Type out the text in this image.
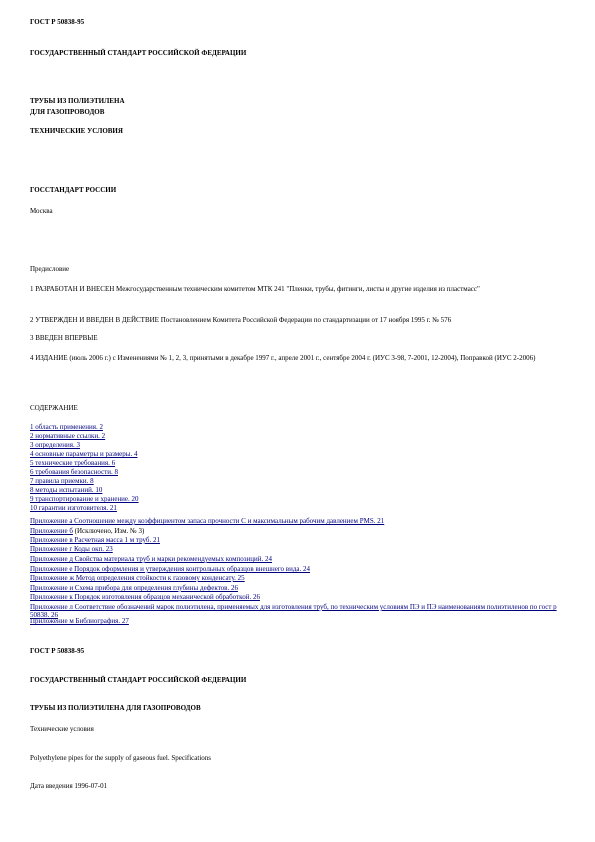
ГОСТ Р 50838-95
ГОСУДАРСТВЕННЫЙ СТАНДАРТ РОССИЙСКОЙ ФЕДЕРАЦИИ
ТРУБЫ ИЗ ПОЛИЭТИЛЕНА
ДЛЯ ГАЗОПРОВОДОВ
ТЕХНИЧЕСКИЕ УСЛОВИЯ
ГОССТАНДАРТ РОССИИ
Москва
Предисловие
1 РАЗРАБОТАН И ВНЕСЕН Межгосударственным техническим комитетом МТК 241 "Пленки, трубы, фитинги, листы и другие изделия из пластмасс"
2 УТВЕРЖДЕН И ВВЕДЕН В ДЕЙСТВИЕ Постановлением Комитета Российской Федерации по стандартизации от 17 ноября 1995 г. № 576
3 ВВЕДЕН ВПЕРВЫЕ
4 ИЗДАНИЕ (июль 2006 г.) с Изменениями № 1, 2, 3, принятыми в декабре 1997 г., апреле 2001 г., сентябре 2004 г. (ИУС 3-98, 7-2001, 12-2004), Поправкой (ИУС 2-2006)
СОДЕРЖАНИЕ
1 область применения. 2
2 нормативные ссылки. 2
3 определения. 3
4 основные параметры и размеры. 4
5 технические требования. 6
6 требования безопасности. 8
7 правила приемки. 8
8 методы испытаний. 10
9 транспортирование и хранение. 20
10 гарантии изготовителя. 21
Приложение а Соотношение между коэффициентом запаса прочности С и максимальным рабочим давлением РМS. 21
Приложение б (Исключено, Изм. № 3)
Приложение в Расчетная масса 1 м труб. 21
Приложение г Коды окп. 23
Приложение д Свойства материала труб и марки рекомендуемых композиций. 24
Приложение е Порядок оформления и утверждения контрольных образцов внешнего вида. 24
Приложение ж Метод определения стойкости к газовому конденсату. 25
Приложение и Схема прибора для определения глубины дефектов. 26
Приложение к Порядок изготовления образцов механической обработкой. 26
Приложение л Соответствие обозначений марок полиэтилена, применяемых для изготовления труб, по техническим условиям ПЭ и ПЭ наименованиям полиэтиленов по гост р 50838. 26
Приложение м Библиография. 27
ГОСТ Р 50838-95
ГОСУДАРСТВЕННЫЙ СТАНДАРТ РОССИЙСКОЙ ФЕДЕРАЦИИ
ТРУБЫ ИЗ ПОЛИЭТИЛЕНА ДЛЯ ГАЗОПРОВОДОВ
Технические условия
Polyethylene pipes for the supply of gaseous fuel. Specifications
Дата введения 1996-07-01
